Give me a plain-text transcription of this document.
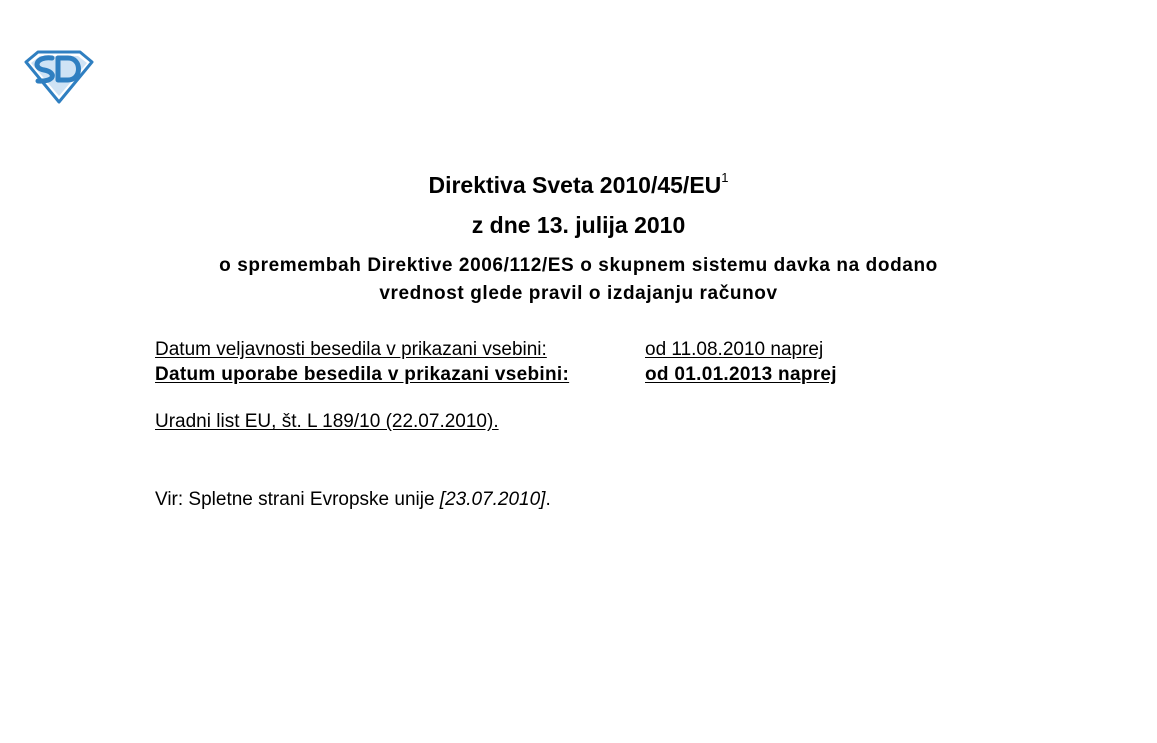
Direktiva Sveta $2010/45/EU^1$
z dne 13. julija 2010
o spremembah Direktive 2006/112/ES o skupnem sistemu davka na dodano
vrednost glede pravil o izdajanju računov
Datum veljavnosti besedila v prikazani vsebini:	od 11.08.2010 naprej
Datum uporabe besedila v prikazani vsebini:	od 01.01.2013 naprej
Uradni list EU, št. L 189/10 (22.07.2010).
Vir: Spletne strani Evropske unije [23.07.2010].
